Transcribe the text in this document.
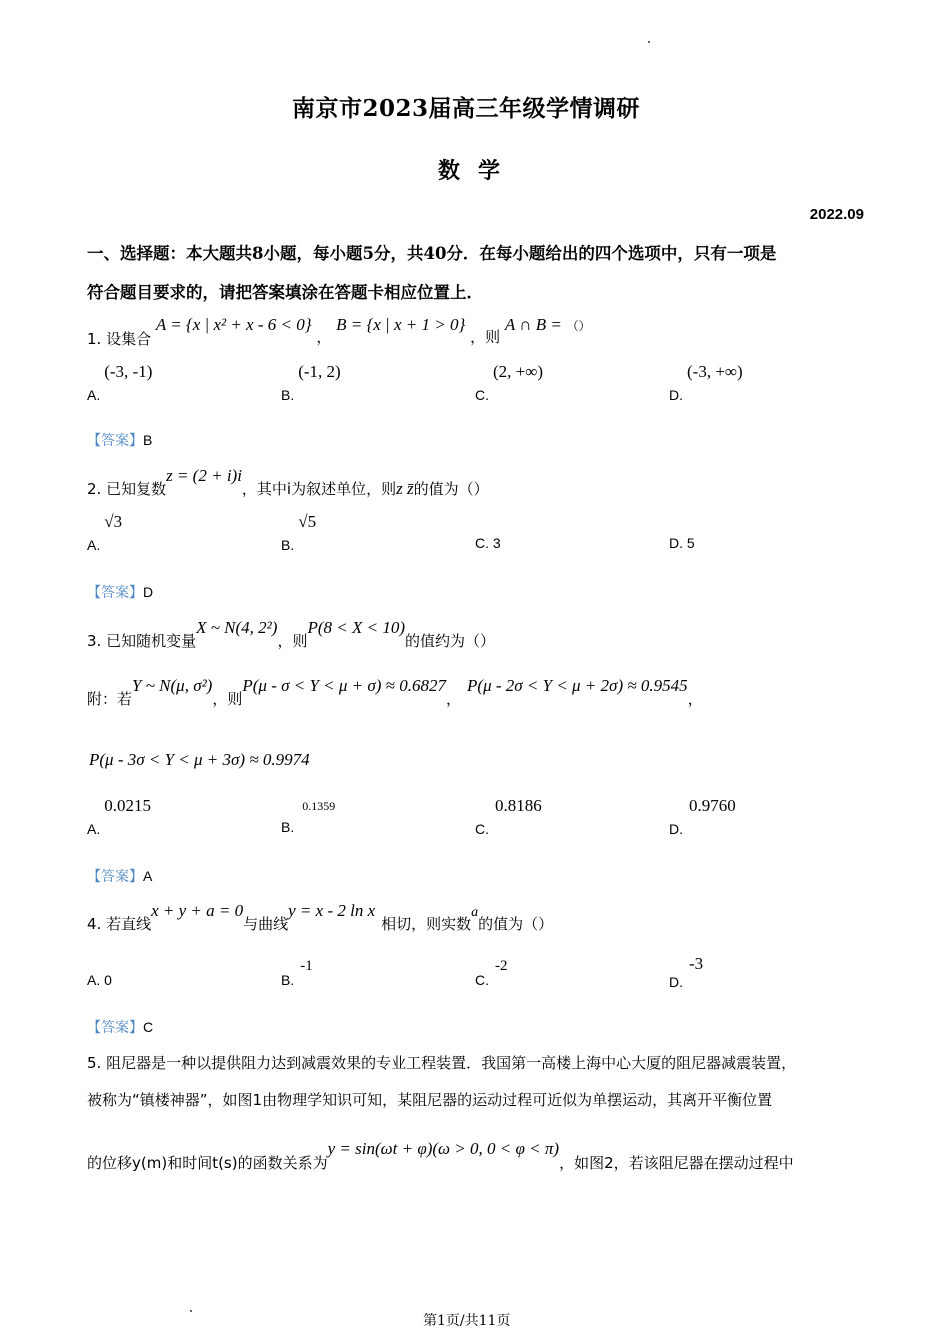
南京市2023届高三年级学情调研
数学
2022.09
一、选择题：本大题共8小题，每小题5分，共40分．在每小题给出的四个选项中，只有一项是
符合题目要求的，请把答案填涂在答题卡相应位置上．
1. 设集合 A = {x | x² + x - 6 < 0} ， B = {x | x + 1 > 0} ，则 A ∩ B = （）
A.(-3, -1)
B.(-1, 2)
C.(2, +∞)
D.(-3, +∞)
【答案】B
2. 已知复数z = (2 + i)i，其中i为叙述单位，则z z̄的值为（）
A.√3
B.√5
C. 3	D. 5
【答案】D
3. 已知随机变量X ~ N(4, 2²)，则P(8 < X < 10)的值约为（）
附：若Y ~ N(μ, σ²)，则P(μ - σ < Y < μ + σ) ≈ 0.6827，P(μ - 2σ < Y < μ + 2σ) ≈ 0.9545，
P(μ - 3σ < Y < μ + 3σ) ≈ 0.9974
A.0.0215
B.0.1359
C.0.8186
D.0.9760
【答案】A
4. 若直线x + y + a = 0与曲线y = x - 2 ln x相切，则实数a的值为（）
A. 0	B.-1
C.-2
D.-3
【答案】C
5. 阻尼器是一种以提供阻力达到减震效果的专业工程装置．我国第一高楼上海中心大厦的阻尼器减震装置，
被称为“镇楼神器”，如图1由物理学知识可知，某阻尼器的运动过程可近似为单摆运动，其离开平衡位置
的位移y(m)和时间t(s)的函数关系为y = sin(ωt + φ)(ω > 0, 0 < φ < π)，如图2，若该阻尼器在摆动过程中
第1页/共11页
